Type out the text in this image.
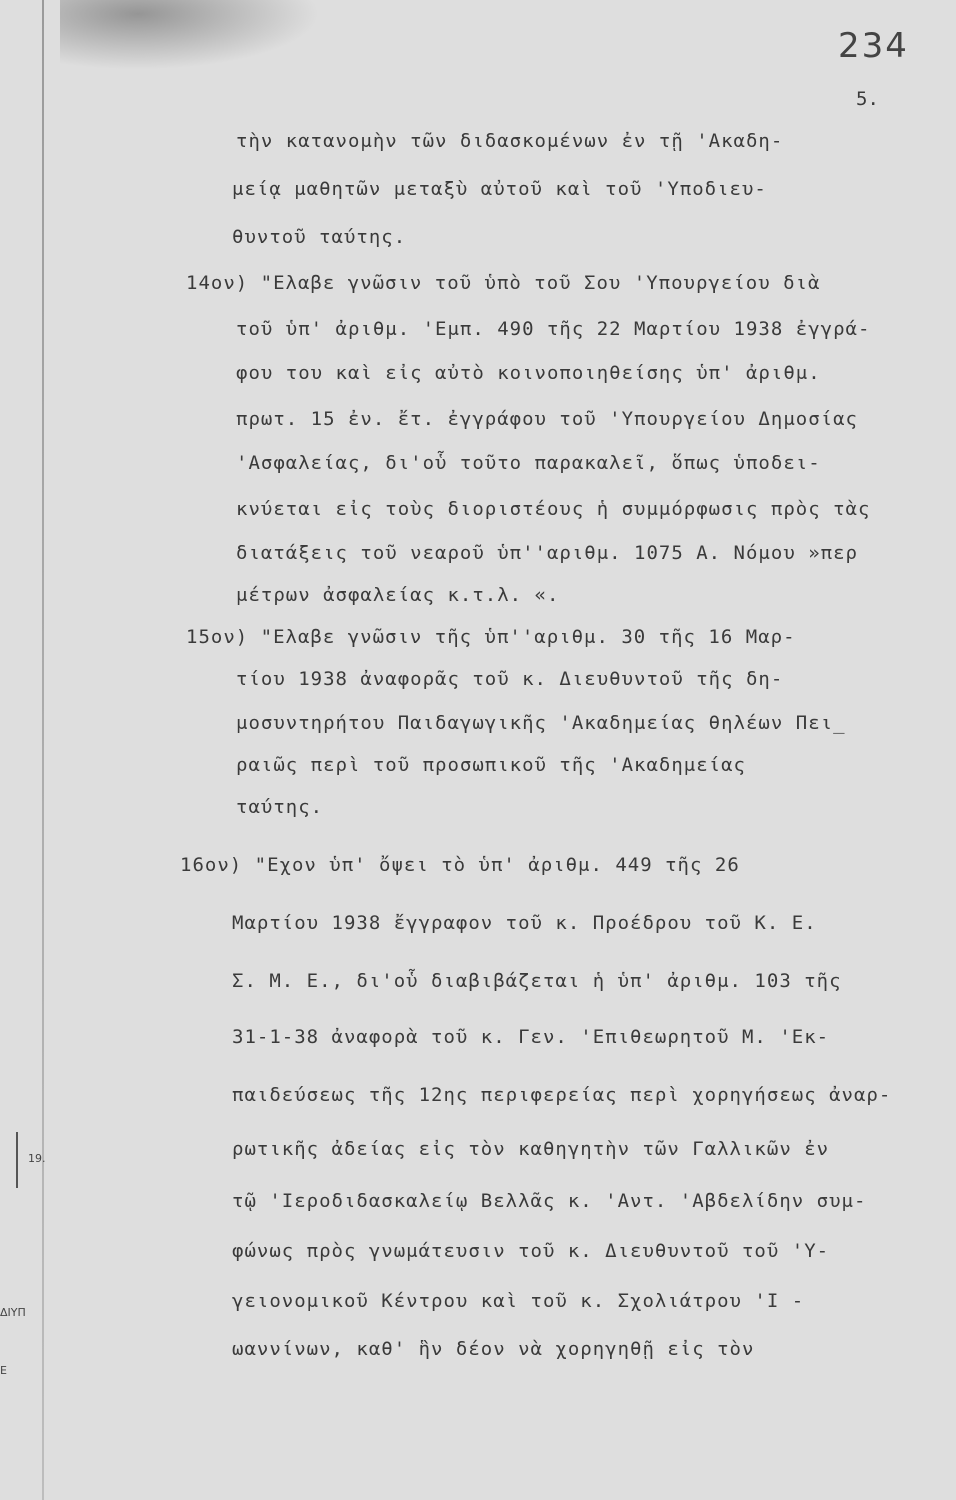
234
5.
19.
ΔΙΥΠ
Ε
τὴν κατανομὴν τῶν διδασκομένων ἐν τῇ 'Ακαδη-
μείᾳ μαθητῶν μεταξὺ αὐτοῦ καὶ τοῦ 'Υποδιευ-
θυντοῦ ταύτης.
14ον) "Ελαβε γνῶσιν τοῦ ὑπὸ τοῦ Σου 'Υπουργείου διὰ
τοῦ ὑπ' ἀριθμ. 'Εμπ. 490 τῆς 22 Μαρτίου 1938 ἐγγρά-
φου του καὶ εἰς αὐτὸ κοινοποιηθείσης ὑπ' ἀριθμ.
πρωτ. 15 ἐν. ἔτ. ἐγγράφου τοῦ 'Υπουργείου Δημοσίας
'Ασφαλείας, δι'οὗ τοῦτο παρακαλεῖ, ὅπως ὑποδει-
κνύεται εἰς τοὺς διοριστέους ἡ συμμόρφωσις πρὸς τὰς
διατάξεις τοῦ νεαροῦ ὑπ''αριθμ. 1075 Α. Νόμου »περ
μέτρων ἀσφαλείας κ.τ.λ. «.
15ον) "Ελαβε γνῶσιν τῆς ὑπ''αριθμ. 30 τῆς 16 Μαρ-
τίου 1938 ἀναφορᾶς τοῦ κ. Διευθυντοῦ τῆς δη-
μοσυντηρήτου Παιδαγωγικῆς 'Ακαδημείας θηλέων Πει_
ραιῶς περὶ τοῦ προσωπικοῦ τῆς 'Ακαδημείας
ταύτης.
16ον) "Εχον ὑπ' ὄψει τὸ ὑπ' ἀριθμ. 449 τῆς 26
Μαρτίου 1938 ἔγγραφον τοῦ κ. Προέδρου τοῦ Κ. Ε.
Σ. Μ. Ε., δι'οὗ διαβιβάζεται ἡ ὑπ' ἀριθμ. 103 τῆς
31-1-38 ἀναφορὰ τοῦ κ. Γεν. 'Επιθεωρητοῦ Μ. 'Εκ-
παιδεύσεως τῆς 12ης περιφερείας περὶ χορηγήσεως ἀναρ-
ρωτικῆς ἀδείας εἰς τὸν καθηγητὴν τῶν Γαλλικῶν ἐν
τῷ 'Ιεροδιδασκαλείῳ Βελλᾶς κ. 'Αντ. 'Αβδελίδην συμ-
φώνως πρὸς γνωμάτευσιν τοῦ κ. Διευθυντοῦ τοῦ 'Υ-
γειονομικοῦ Κέντρου καὶ τοῦ κ. Σχολιάτρου 'Ι -
ωαννίνων, καθ' ἣν δέον νὰ χορηγηθῇ εἰς τὸν
